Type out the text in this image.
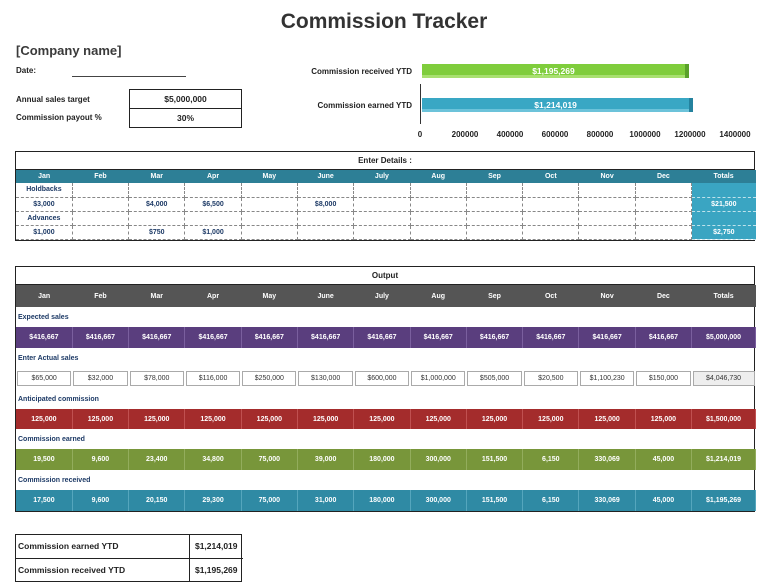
Commission Tracker
[Company name]
Date:
Annual sales target	$5,000,000
Commission payout %	30%
Commission received YTD	$1,195,269
Commission earned YTD	$1,214,019
0	200000 400000 600000 800000 1000000 1200000 1400000
Enter Details :
Jan	Feb	Mar	Apr	May	June	July	Aug	Sep	Oct	Nov	Dec	Totals
Holdbacks												
$3,000		$4,000	$6,500		$8,000							$21,500
Advances												
$1,000		$750	$1,000									$2,750
Output
Jan	Feb	Mar	Apr	May	June	July	Aug	Sep	Oct	Nov	Dec	Totals
Expected sales												
$416,667	$416,667	$416,667	$416,667	$416,667	$416,667	$416,667	$416,667	$416,667	$416,667	$416,667	$416,667	$5,000,000
Enter Actual sales												

$65,000	$32,000	$78,000	$116,000	$250,000	$130,000	$600,000	$1,000,000	$505,000	$20,500	$1,100,230	$150,000	$4,046,730

Anticipated commission												
125,000	125,000	125,000	125,000	125,000	125,000	125,000	125,000	125,000	125,000	125,000	125,000	$1,500,000
Commission earned												
19,500	9,600	23,400	34,800	75,000	39,000	180,000	300,000	151,500	6,150	330,069	45,000	$1,214,019
Commission received												
17,500	9,600	20,150	29,300	75,000	31,000	180,000	300,000	151,500	6,150	330,069	45,000	$1,195,269
Commission earned YTD	$1,214,019
Commission received YTD	$1,195,269
